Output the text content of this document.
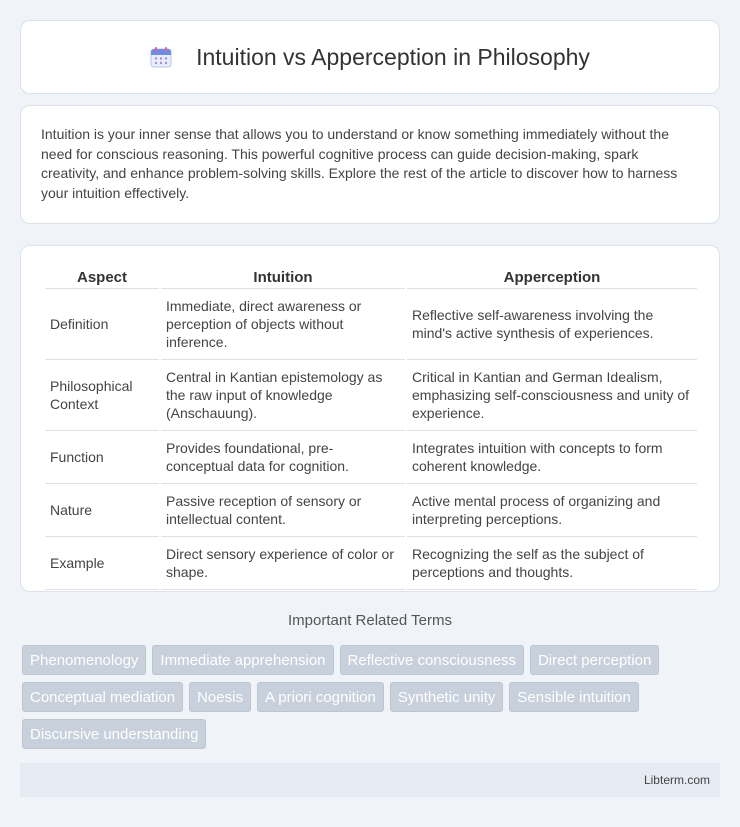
Intuition vs Apperception in Philosophy

Intuition is your inner sense that allows you to understand or know something immediately without the need for conscious reasoning. This powerful cognitive process can guide decision-making, spark creativity, and enhance problem-solving skills. Explore the rest of the article to discover how to harness your intuition effectively.

Aspect	Intuition	Apperception
Definition	Immediate, direct awareness or perception of objects without inference.	Reflective self-awareness involving the mind's active synthesis of experiences.
Philosophical Context	Central in Kantian epistemology as the raw input of knowledge (Anschauung).	Critical in Kantian and German Idealism, emphasizing self-consciousness and unity of experience.
Function	Provides foundational, pre-conceptual data for cognition.	Integrates intuition with concepts to form coherent knowledge.
Nature	Passive reception of sensory or intellectual content.	Active mental process of organizing and interpreting perceptions.
Example	Direct sensory experience of color or shape.	Recognizing the self as the subject of perceptions and thoughts.
Important Related Terms
Phenomenology	Immediate apprehension	Reflective consciousness	Direct perception
Conceptual mediation	Noesis	A priori cognition	Synthetic unity	Sensible intuition
Discursive understanding
Libterm.com
